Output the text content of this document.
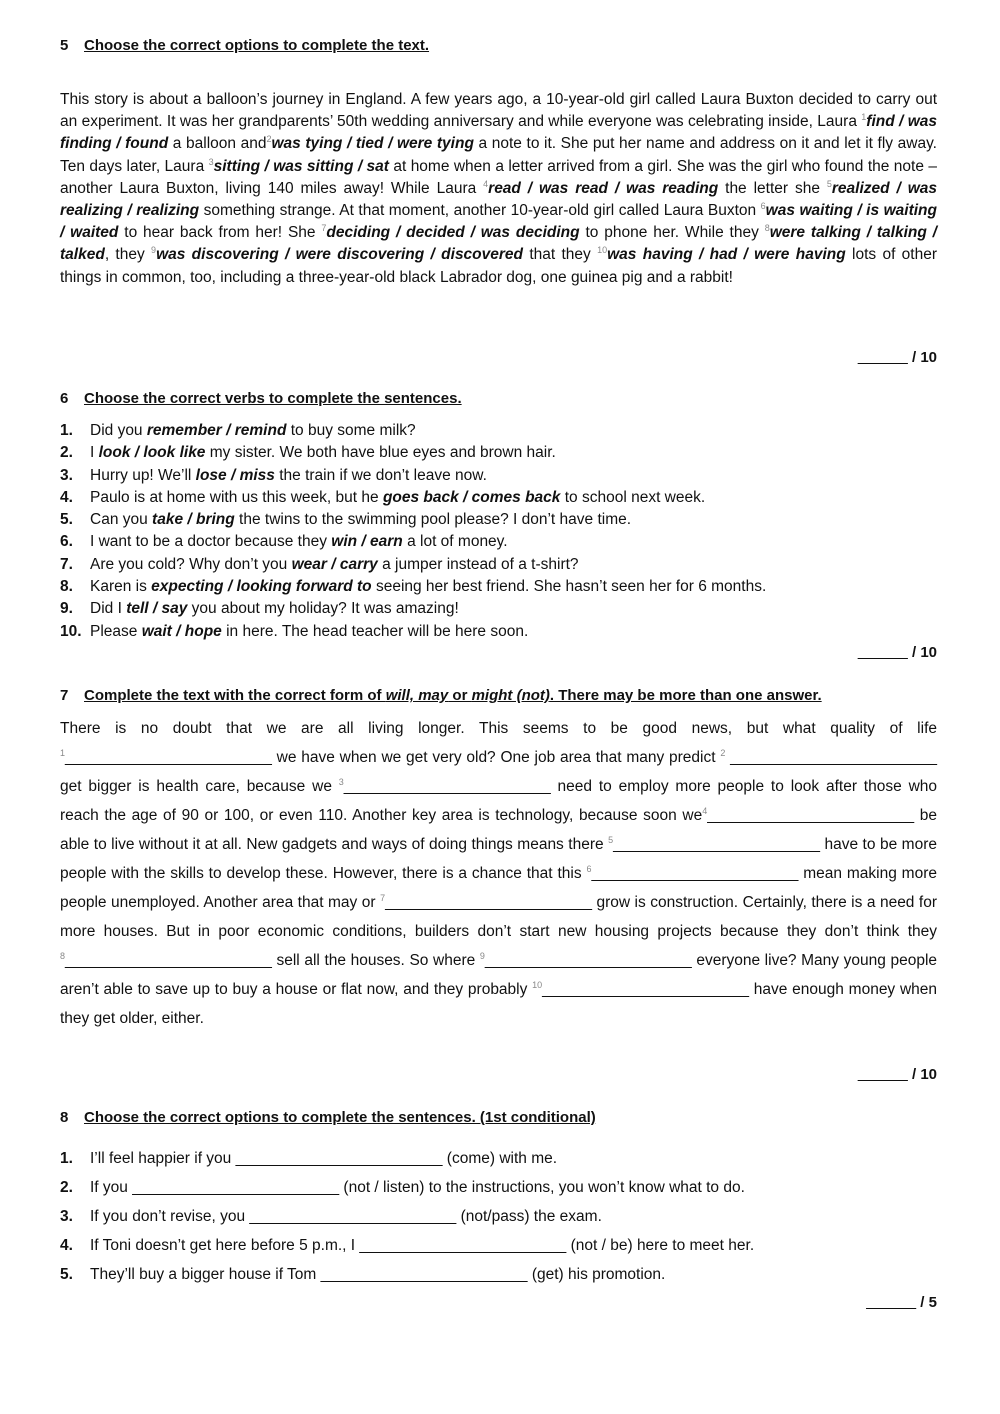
5 Choose the correct options to complete the text.
This story is about a balloon’s journey in England. A few years ago, a 10-year-old girl called Laura Buxton decided to carry out an experiment. It was her grandparents’ 50th wedding anniversary and while everyone was celebrating inside, Laura $^1$find / was finding / found a balloon and$^2$was tying / tied / were tying a note to it. She put her name and address on it and let it fly away. Ten days later, Laura $^3$sitting / was sitting / sat at home when a letter arrived from a girl. She was the girl who found the note – another Laura Buxton, living 140 miles away! While Laura $^4$read / was read / was reading the letter she $^5$realized / was realizing / realizing something strange. At that moment, another 10-year-old girl called Laura Buxton $^6$was waiting / is waiting / waited to hear back from her! She $^7$deciding / decided / was deciding to phone her. While they $^8$were talking / talking / talked, they $^9$was discovering / were discovering / discovered that they $^{10}$was having / had / were having lots of other things in common, too, including a three-year-old black Labrador dog, one guinea pig and a rabbit!
______ / 10
6 Choose the correct verbs to complete the sentences.
1. Did you remember / remind to buy some milk?
2. I look / look like my sister. We both have blue eyes and brown hair.
3. Hurry up! We’ll lose / miss the train if we don’t leave now.
4. Paulo is at home with us this week, but he goes back / comes back to school next week.
5. Can you take / bring the twins to the swimming pool please? I don’t have time.
6. I want to be a doctor because they win / earn a lot of money.
7. Are you cold? Why don’t you wear / carry a jumper instead of a t-shirt?
8. Karen is expecting / looking forward to seeing her best friend. She hasn’t seen her for 6 months.
9. Did I tell / say you about my holiday? It was amazing!
10. Please wait / hope in here. The head teacher will be here soon.
______ / 10
7 Complete the text with the correct form of will, may or might (not). There may be more than one answer.
There is no doubt that we are all living longer. This seems to be good news, but what quality of life $^1$________________________ we have when we get very old? One job area that many predict $^2$ ________________________ get bigger is health care, because we $^3$________________________ need to employ more people to look after those who reach the age of 90 or 100, or even 110. Another key area is technology, because soon $we^4\_\_\_\_\_\_\_\_\_\_\_\_\_\_\_\_\_\_\_\_\_\_\_\_$ be able to live without it at all. New gadgets and ways of doing things means there $^5$________________________ have to be more people with the skills to develop these. However, there is a chance that this $^6$________________________ mean making more people unemployed. Another area that may or $^7$________________________ grow is construction. Certainly, there is a need for more houses. But in poor economic conditions, builders don’t start new housing projects because they don’t think they $^8$________________________ sell all the houses. So where $^9$________________________ everyone live? Many young people aren’t able to save up to buy a house or flat now, and they probably $^{10}$________________________ have enough money when they get older, either.
______ / 10
8 Choose the correct options to complete the sentences. (1st conditional)
1. I’ll feel happier if you ________________________ (come) with me.
2. If you ________________________ (not / listen) to the instructions, you won’t know what to do.
3. If you don’t revise, you ________________________ (not/pass) the exam.
4. If Toni doesn’t get here before 5 p.m., I ________________________ (not / be) here to meet her.
5. They’ll buy a bigger house if Tom ________________________ (get) his promotion.
______ / 5
